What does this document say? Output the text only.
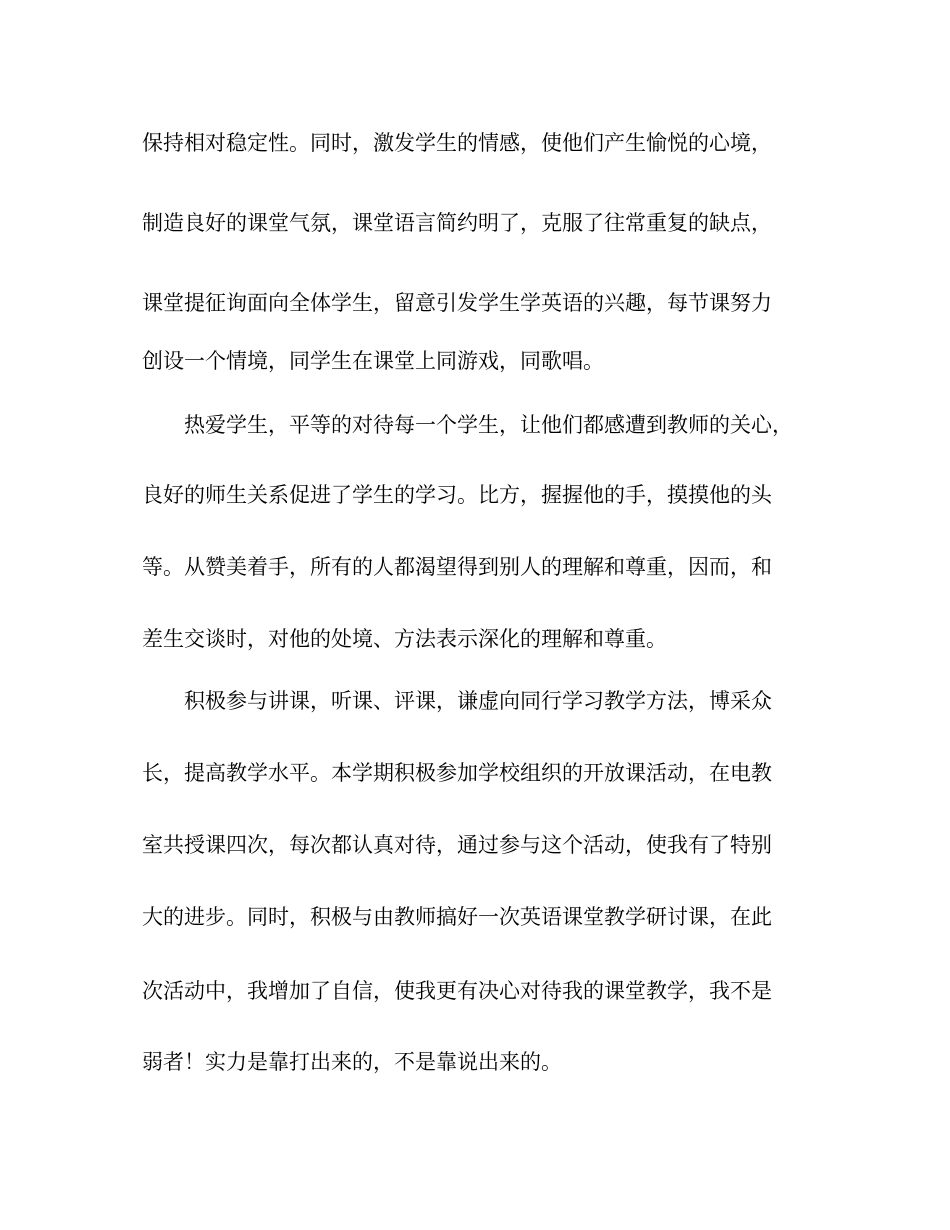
保持相对稳定性。同时，激发学生的情感，使他们产生愉悦的心境，
制造良好的课堂气氛，课堂语言简约明了，克服了往常重复的缺点，
课堂提征询面向全体学生，留意引发学生学英语的兴趣，每节课努力
创设一个情境，同学生在课堂上同游戏，同歌唱。
热爱学生，平等的对待每一个学生，让他们都感遭到教师的关心，
良好的师生关系促进了学生的学习。比方，握握他的手，摸摸他的头
等。从赞美着手，所有的人都渴望得到别人的理解和尊重，因而，和
差生交谈时，对他的处境、方法表示深化的理解和尊重。
积极参与讲课，听课、评课，谦虚向同行学习教学方法，博采众
长，提高教学水平。本学期积极参加学校组织的开放课活动，在电教
室共授课四次，每次都认真对待，通过参与这个活动，使我有了特别
大的进步。同时，积极与由教师搞好一次英语课堂教学研讨课，在此
次活动中，我增加了自信，使我更有决心对待我的课堂教学，我不是
弱者！实力是靠打出来的，不是靠说出来的。
